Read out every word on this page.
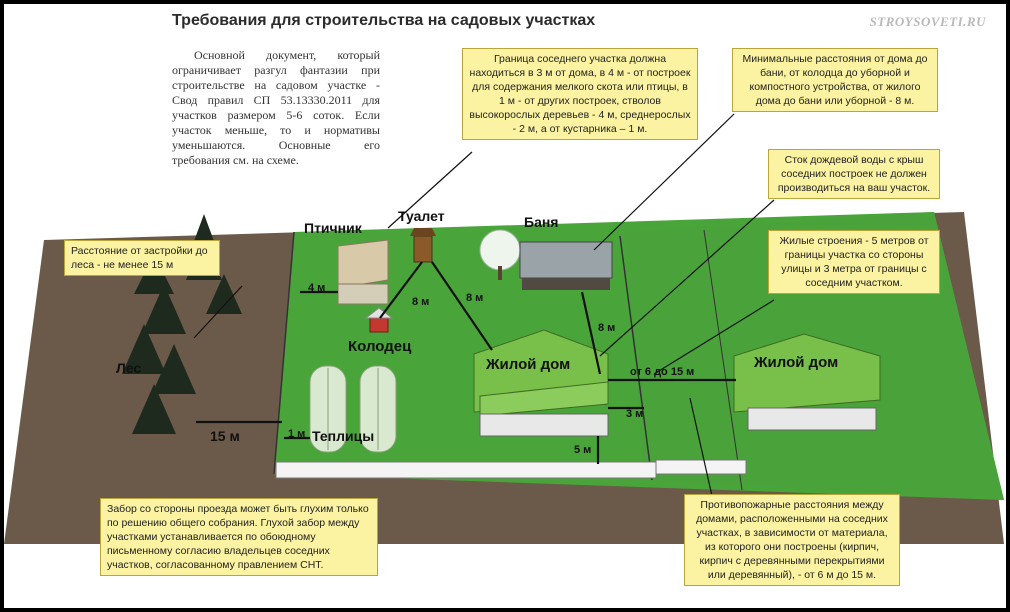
Требования для строительства на садовых участках	STROYSOVETI.RU
Основной документ, который ограничивает разгул фантазии при строительстве на садовом участке - Свод правил СП 53.13330.2011 для участков размером 5-6 соток. Если участок меньше, то и нормативы уменьшаются. Основные его требования см. на схеме.
Граница соседнего участка должна находиться в 3 м от дома, в 4 м - от построек для содержания мелкого скота или птицы, в 1 м - от других построек, стволов высокорослых деревьев - 4 м, среднерослых - 2 м, а от кустарника – 1 м.
Минимальные расстояния от дома до бани, от колодца до уборной и компостного устройства, от жилого дома до бани или уборной - 8 м.
Сток дождевой воды с крыш соседних построек не должен производиться на ваш участок.
Жилые строения - 5 метров от границы участка со стороны улицы и 3 метра от границы с соседним участком.
Расстояние от застройки до леса - не менее 15 м
Забор со стороны проезда может быть глухим только по решению общего собрания. Глухой забор между участками устанавливается по обоюдному письменному согласию владельцев соседних участков, согласованному правлением СНТ.
Противопожарные расстояния между домами, расположенными на соседних участках, в зависимости от материала, из которого они построены (кирпич, кирпич с деревянными перекрытиями или деревянный), - от 6 м до 15 м.
Птичник
Туалет	Баня
Колодец
Жилой дом	Жилой дом
Лес
Теплицы
4 м
8 м	8 м
8 м
от 6 до 15 м
3 м
5 м
15 м	1 м
